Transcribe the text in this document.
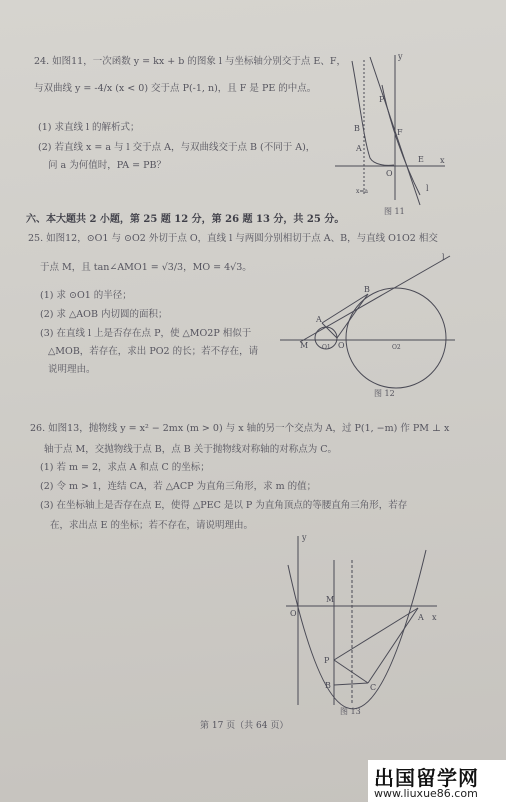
24. 如图11，一次函数 y = kx + b 的图象 l 与坐标轴分别交于点 E、F，
与双曲线 y = -4/x (x < 0) 交于点 P(-1, n)，且 F 是 PE 的中点。
(1) 求直线 l 的解析式；
(2) 若直线 x = a 与 l 交于点 A，与双曲线交于点 B (不同于 A)，
问 a 为何值时，PA = PB？
y
x
P
B	F
A
O
E
l
x=a
图 11
六、本大题共 2 小题，第 25 题 12 分，第 26 题 13 分，共 25 分。
25. 如图12，⊙O1 与 ⊙O2 外切于点 O，直线 l 与两圆分别相切于点 A、B，与直线 O1O2 相交
于点 M，且 tan∠AMO1 = √3/3，MO = 4√3。
(1) 求 ⊙O1 的半径；
(2) 求 △AOB 内切圆的面积；
(3) 在直线 l 上是否存在点 P，使 △MO2P 相似于
△MOB，若存在，求出 PO2 的长；若不存在，请
说明理由。
l
B
A
M O1 O	O2
图 12
26. 如图13，抛物线 y = x² − 2mx (m > 0) 与 x 轴的另一个交点为 A，过 P(1, −m) 作 PM ⊥ x
轴于点 M，交抛物线于点 B，点 B 关于抛物线对称轴的对称点为 C。
(1) 若 m = 2，求点 A 和点 C 的坐标；
(2) 令 m > 1，连结 CA，若 △ACP 为直角三角形，求 m 的值；
(3) 在坐标轴上是否存在点 E，使得 △PEC 是以 P 为直角顶点的等腰直角三角形，若存
在，求出点 E 的坐标；若不存在，请说明理由。
y
O
M
A x
P
B	C
图 13
第 17 页（共 64 页）
出国留学网
www.liuxue86.com
